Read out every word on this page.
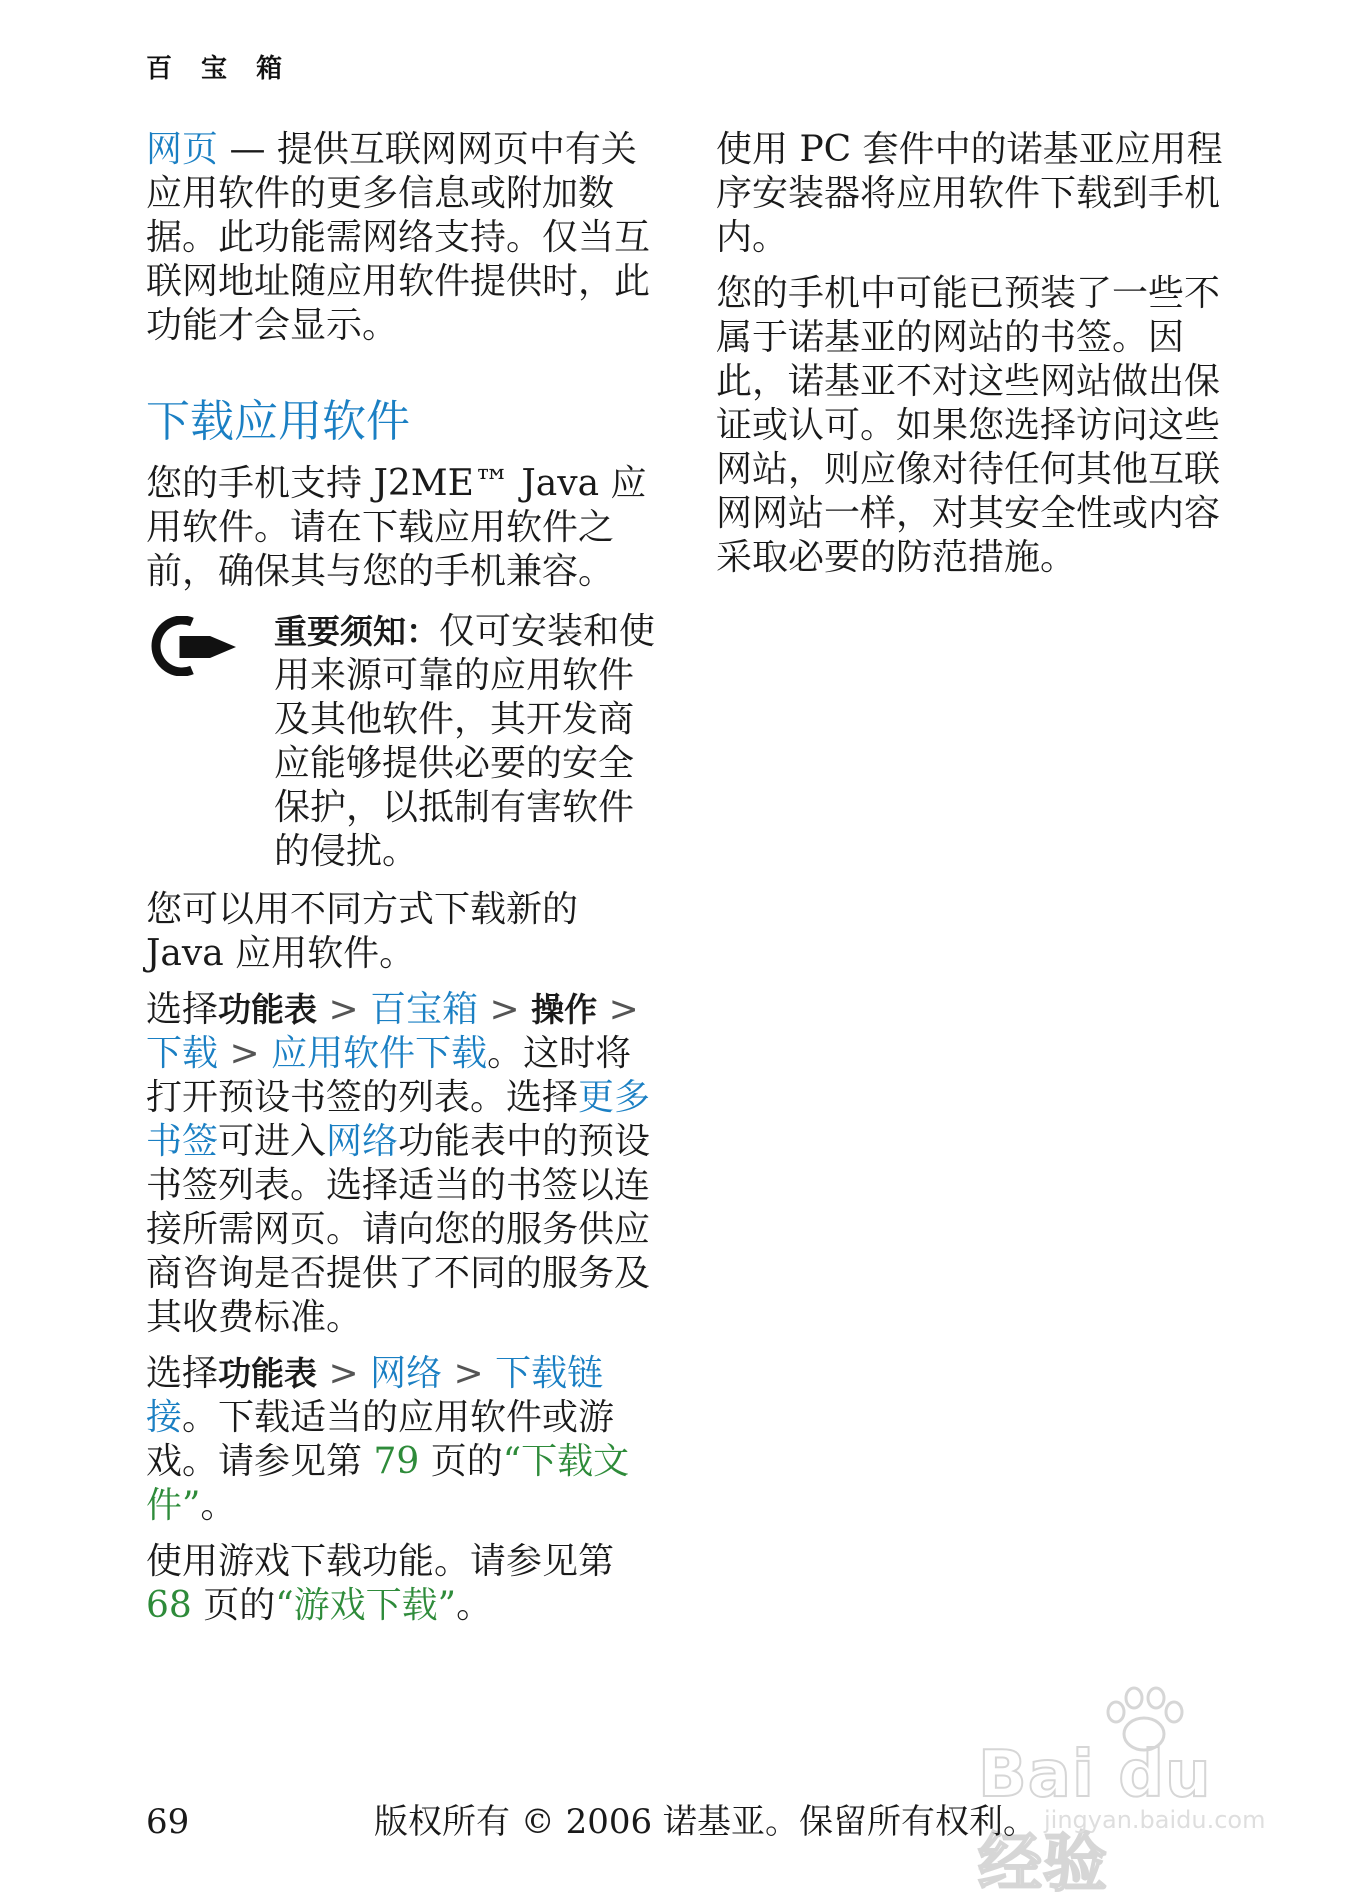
百 宝 箱

网页 — 提供互联网网页中有关应用软件的更多信息或附加数据。此功能需网络支持。仅当互联网地址随应用软件提供时，此功能才会显示。

下载应用软件

您的手机支持 J2ME™ Java 应用软件。请在下载应用软件之前，确保其与您的手机兼容。

重要须知：仅可安装和使用来源可靠的应用软件及其他软件，其开发商应能够提供必要的安全保护，以抵制有害软件的侵扰。

您可以用不同方式下载新的 Java 应用软件。

选择功能表 > 百宝箱 > 操作 > 下载 > 应用软件下载。这时将打开预设书签的列表。选择更多书签可进入网络功能表中的预设书签列表。选择适当的书签以连接所需网页。请向您的服务供应商咨询是否提供了不同的服务及其收费标准。

选择功能表 > 网络 > 下载链接。下载适当的应用软件或游戏。请参见第 79 页的“下载文件”。

使用游戏下载功能。请参见第 68 页的“游戏下载”。

使用 PC 套件中的诺基亚应用程序安装器将应用软件下载到手机内。

您的手机中可能已预装了一些不属于诺基亚的网站的书签。因此，诺基亚不对这些网站做出保证或认可。如果您选择访问这些网站，则应像对待任何其他互联网网站一样，对其安全性或内容采取必要的防范措施。

Bai du 经验
jingyan.baidu.com
69	版权所有 © 2006 诺基亚。保留所有权利。
